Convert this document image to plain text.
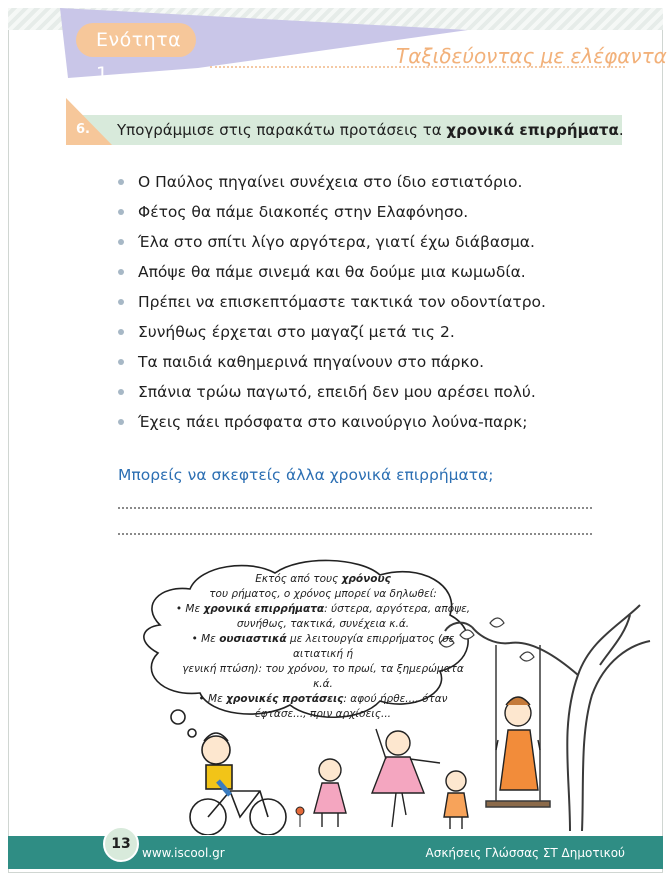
Ενότητα 1
Ταξιδεύοντας με ελέφαντα
6. Υπογράμμισε στις παρακάτω προτάσεις τα χρονικά επιρρήματα.
Ο Παύλος πηγαίνει συνέχεια στο ίδιο εστιατόριο.
Φέτος θα πάμε διακοπές στην Ελαφόνησο.
Έλα στο σπίτι λίγο αργότερα, γιατί έχω διάβασμα.
Απόψε θα πάμε σινεμά και θα δούμε μια κωμωδία.
Πρέπει να επισκεπτόμαστε τακτικά τον οδοντίατρο.
Συνήθως έρχεται στο μαγαζί μετά τις 2.
Τα παιδιά καθημερινά πηγαίνουν στο πάρκο.
Σπάνια τρώω παγωτό, επειδή δεν μου αρέσει πολύ.
Έχεις πάει πρόσφατα στο καινούργιο λούνα-παρκ;
Μπορείς να σκεφτείς άλλα χρονικά επιρρήματα;
Εκτός από τους χρόνους
του ρήματος, ο χρόνος μπορεί να δηλωθεί:
• Με χρονικά επιρρήματα: ύστερα, αργότερα, απόψε,
συνήθως, τακτικά, συνέχεια κ.ά.
• Με ουσιαστικά με λειτουργία επιρρήματος (σε αιτιατική ή
γενική πτώση): του χρόνου, το πρωί, τα ξημερώματα κ.ά.
• Με χρονικές προτάσεις: αφού ήρθε..., όταν
έφτασε..., πριν αρχίσεις...
13
www.iscool.gr	Ασκήσεις Γλώσσας ΣΤ Δημοτικού
